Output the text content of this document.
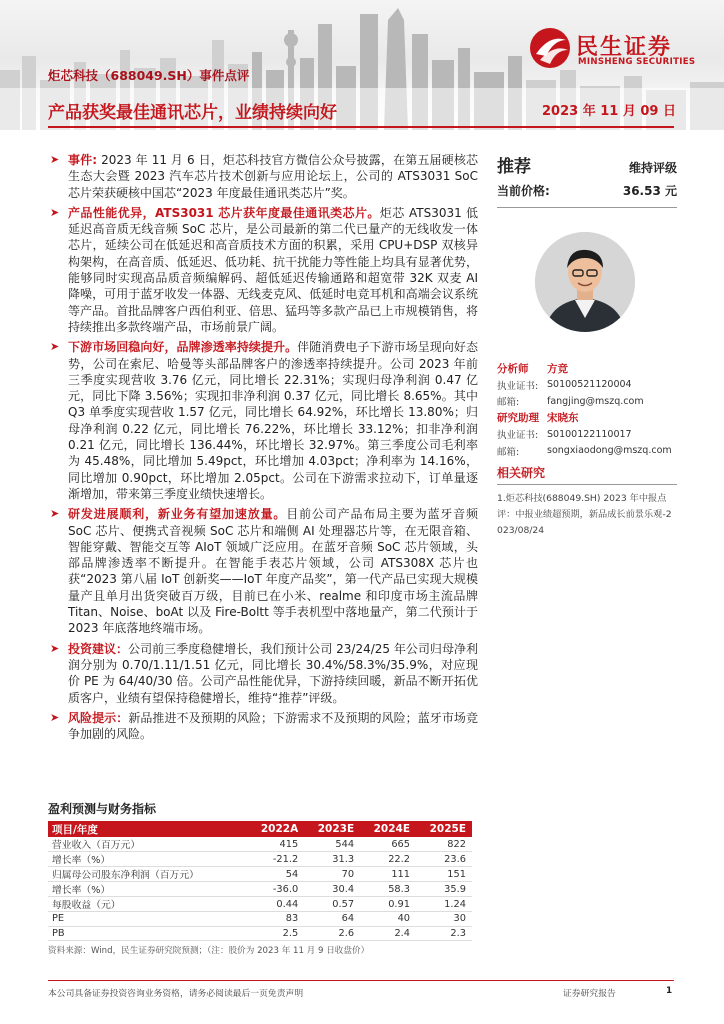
民生证券
MINSHENG SECURITIES
炬芯科技（688049.SH）事件点评
产品获奖最佳通讯芯片，业绩持续向好	2023 年 11 月 09 日
➤ 事件: 2023 年 11 月 6 日，炬芯科技官方微信公众号披露，在第五届硬核芯生态大会暨 2023 汽车芯片技术创新与应用论坛上，公司的 ATS3031 SoC 芯片荣获硬核中国芯“2023 年度最佳通讯类芯片”奖。
➤ 产品性能优异，ATS3031 芯片获年度最佳通讯类芯片。炬芯 ATS3031 低延迟高音质无线音频 SoC 芯片，是公司最新的第二代已量产的无线收发一体芯片，延续公司在低延迟和高音质技术方面的积累，采用 CPU+DSP 双核异构架构，在高音质、低延迟、低功耗、抗干扰能力等性能上均具有显著优势，能够同时实现高品质音频编解码、超低延迟传输通路和超宽带 32K 双麦 AI 降噪，可用于蓝牙收发一体器、无线麦克风、低延时电竞耳机和高端会议系统等产品。首批品牌客户西伯利亚、倍思、猛玛等多款产品已上市规模销售，将持续推出多款终端产品，市场前景广阔。
➤ 下游市场回稳向好，品牌渗透率持续提升。伴随消费电子下游市场呈现向好态势，公司在索尼、哈曼等头部品牌客户的渗透率持续提升。公司 2023 年前三季度实现营收 3.76 亿元，同比增长 22.31%；实现归母净利润 0.47 亿元，同比下降 3.56%；实现扣非净利润 0.37 亿元，同比增长 8.65%。其中 Q3 单季度实现营收 1.57 亿元，同比增长 64.92%，环比增长 13.80%；归母净利润 0.22 亿元，同比增长 76.22%，环比增长 33.12%；扣非净利润 0.21 亿元，同比增长 136.44%，环比增长 32.97%。第三季度公司毛利率为 45.48%，同比增加 5.49pct，环比增加 4.03pct；净利率为 14.16%，同比增加 0.90pct，环比增加 2.05pct。公司在下游需求拉动下，订单量逐渐增加，带来第三季度业绩快速增长。
➤ 研发进展顺利，新业务有望加速放量。目前公司产品布局主要为蓝牙音频 SoC 芯片、便携式音视频 SoC 芯片和端侧 AI 处理器芯片等，在无限音箱、智能穿戴、智能交互等 AIoT 领域广泛应用。在蓝牙音频 SoC 芯片领域，头部品牌渗透率不断提升。在智能手表芯片领域，公司 ATS308X 芯片也获“2023 第八届 IoT 创新奖——IoT 年度产品奖”，第一代产品已实现大规模量产且单月出货突破百万级，目前已在小米、realme 和印度市场主流品牌 Titan、Noise、boAt 以及 Fire-Boltt 等手表机型中落地量产，第二代预计于 2023 年底落地终端市场。
➤ 投资建议：公司前三季度稳健增长，我们预计公司 23/24/25 年公司归母净利润分别为 0.70/1.11/1.51 亿元，同比增长 30.4%/58.3%/35.9%，对应现价 PE 为 64/40/30 倍。公司产品性能优异，下游持续回暖，新品不断开拓优质客户，业绩有望保持稳健增长，维持“推荐”评级。
➤ 风险提示：新品推进不及预期的风险；下游需求不及预期的风险；蓝牙市场竞争加剧的风险。
推荐	维持评级
当前价格:	36.53 元
分析师	方竞
执业证书: S0100521120004
邮箱:	fangjing@mszq.com
研究助理 宋晓东
执业证书: S0100122110017
邮箱:	songxiaodong@mszq.com
相关研究
1.炬芯科技(688049.SH) 2023 年中报点评：中报业绩超预期，新品成长前景乐观-2023/08/24
盈利预测与财务指标
项目/年度	2022A	2023E	2024E	2025E
营业收入（百万元）	415	544	665	822
增长率（%）	-21.2	31.3	22.2	23.6
归属母公司股东净利润（百万元）	54	70	111	151
增长率（%）	-36.0	30.4	58.3	35.9
每股收益（元）	0.44	0.57	0.91	1.24
PE	83	64	40	30
PB	2.5	2.6	2.4	2.3
资料来源：Wind，民生证券研究院预测；（注：股价为 2023 年 11 月 9 日收盘价）
本公司具备证券投资咨询业务资格，请务必阅读最后一页免责声明	证券研究报告	1
